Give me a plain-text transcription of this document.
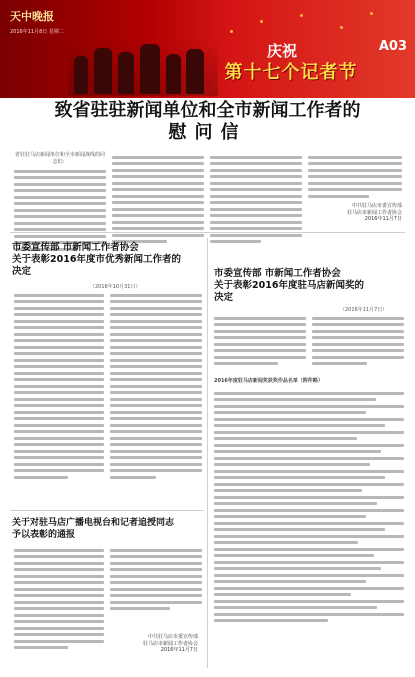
天中晚报
2016年11月8日 星期二
庆祝
第十七个记者节
A03
致省驻驻新闻单位和全市新闻工作者的
慰问信
省驻驻马店新闻单位和全市新闻战线的同志们：
中共驻马店市委宣传部
驻马店市新闻工作者协会
2016年11月7日
市委宣传部 市新闻工作者协会
关于表彰2016年度市优秀新闻工作者的
决定
（2016年10月31日）
市委宣传部 市新闻工作者协会
关于表彰2016年度驻马店新闻奖的
决定
（2016年11月7日）
2016年度驻马店新闻奖获奖作品名单（附件略）
关于对驻马店广播电视台和记者追授同志
予以表彰的通报
中共驻马店市委宣传部
驻马店市新闻工作者协会
2016年11月7日
